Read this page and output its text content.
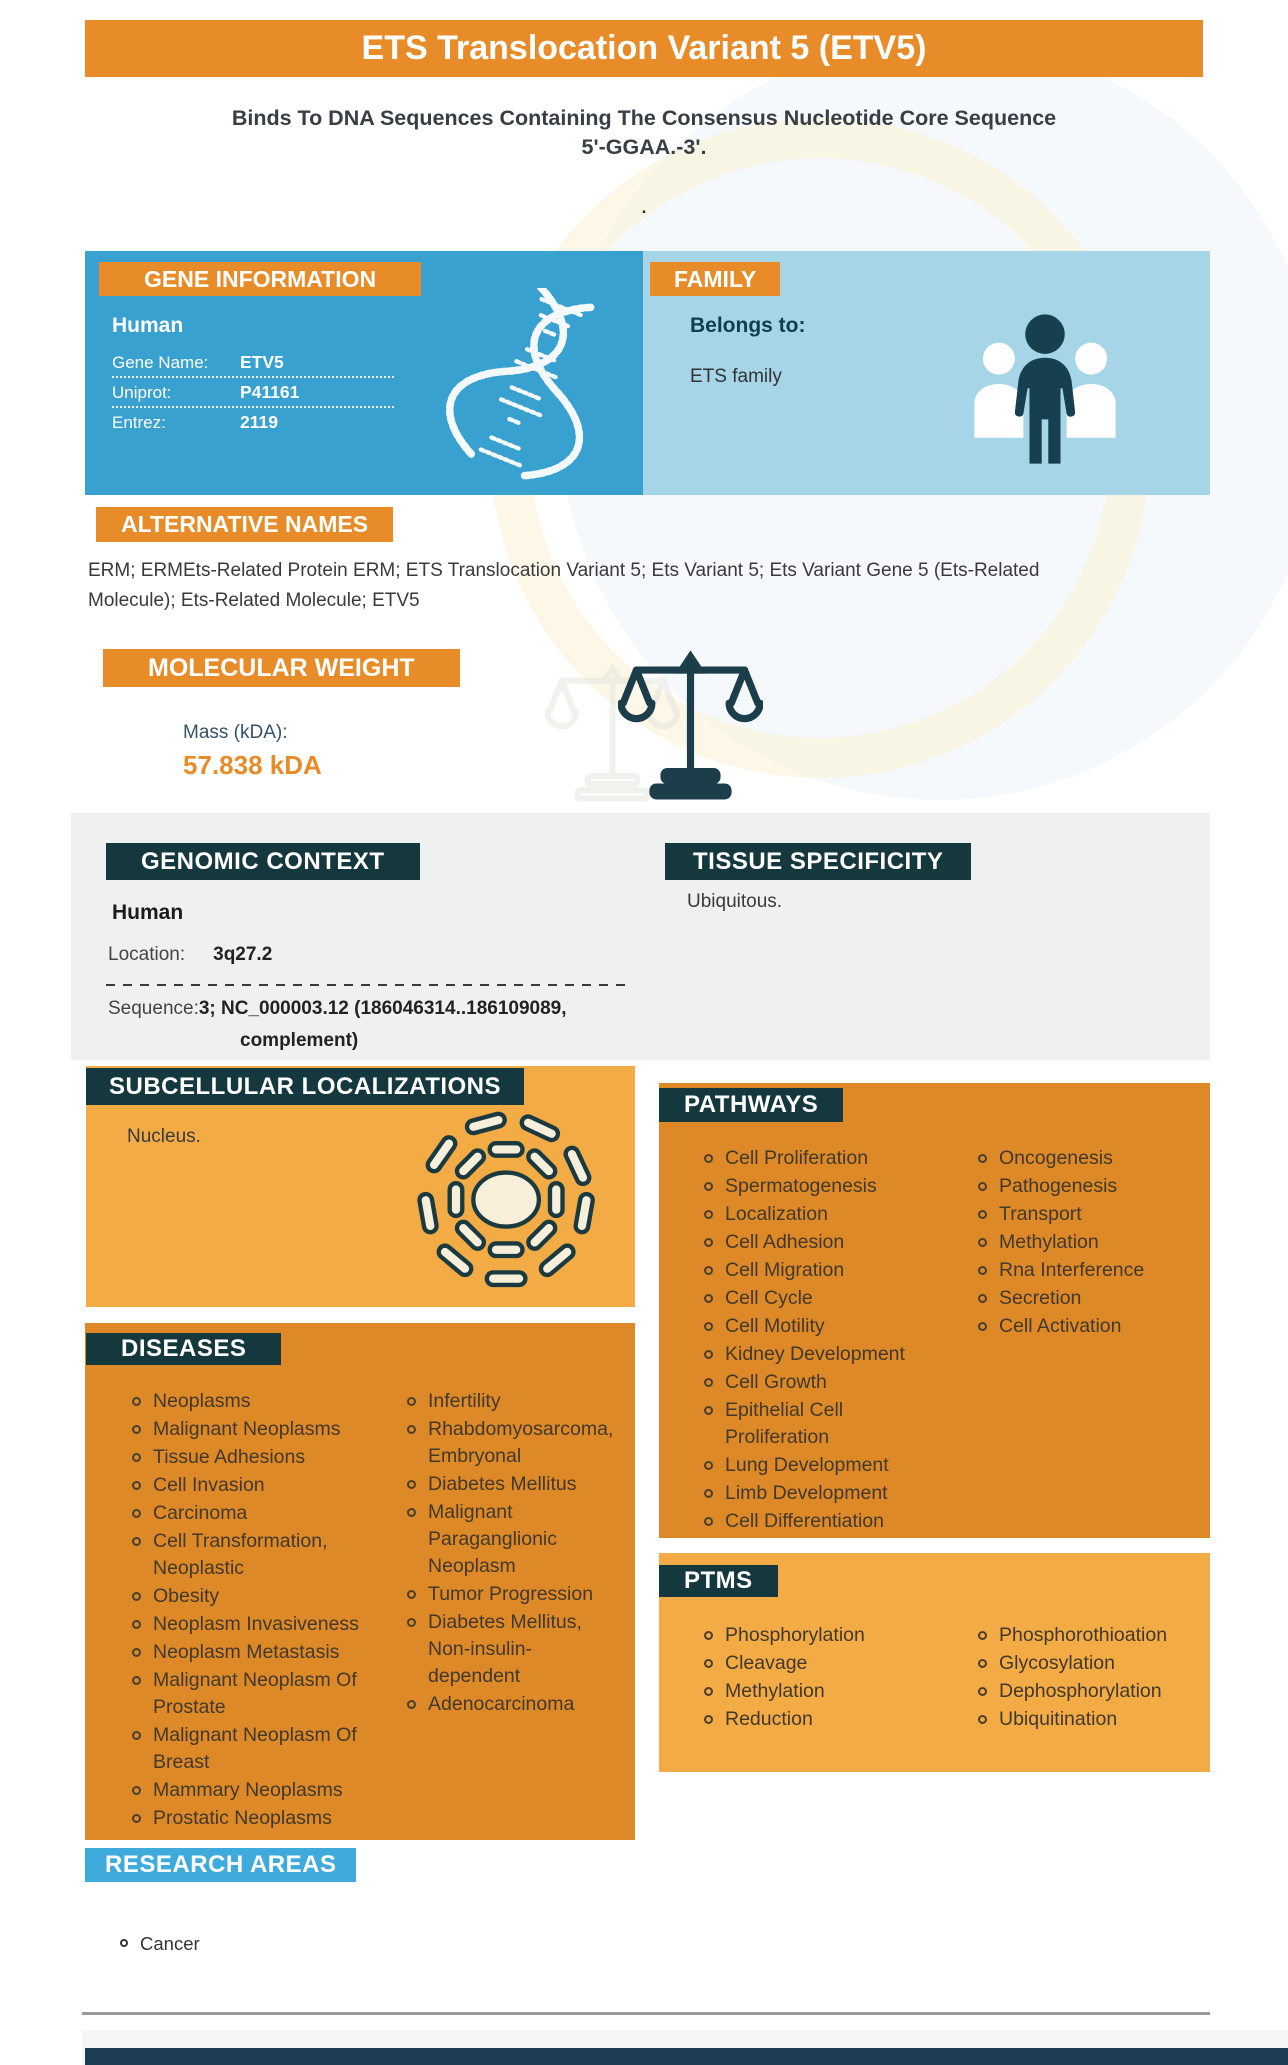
ETS Translocation Variant 5 (ETV5)
Binds To DNA Sequences Containing The Consensus Nucleotide Core Sequence
5'-GGAA.-3'.
.
GENE INFORMATION
Human
Gene Name: ETV5
Uniprot:	P41161
Entrez:	2119
FAMILY
Belongs to:
ETS family
ALTERNATIVE NAMES
ERM; ERMEts-Related Protein ERM; ETS Translocation Variant 5; Ets Variant 5; Ets Variant Gene 5 (Ets-Related Molecule); Ets-Related Molecule; ETV5
MOLECULAR WEIGHT
Mass (kDA):
57.838 kDA
GENOMIC CONTEXT
Human
Location: 3q27.2
Sequence:3; NC_000003.12 (186046314..186109089,
complement)
TISSUE SPECIFICITY
Ubiquitous.
SUBCELLULAR LOCALIZATIONS
Nucleus.
PATHWAYS
Cell Proliferation
Spermatogenesis
Localization
Cell Adhesion
Cell Migration
Cell Cycle
Cell Motility
Kidney Development
Cell Growth
Epithelial Cell Proliferation
Lung Development
Limb Development
Cell Differentiation
Oncogenesis
Pathogenesis
Transport
Methylation
Rna Interference
Secretion
Cell Activation
DISEASES
Neoplasms
Malignant Neoplasms
Tissue Adhesions
Cell Invasion
Carcinoma
Cell Transformation, Neoplastic
Obesity
Neoplasm Invasiveness
Neoplasm Metastasis
Malignant Neoplasm Of Prostate
Malignant Neoplasm Of Breast
Mammary Neoplasms
Prostatic Neoplasms
Infertility
Rhabdomyosarcoma, Embryonal
Diabetes Mellitus
Malignant Paraganglionic Neoplasm
Tumor Progression
Diabetes Mellitus, Non-insulin-dependent
Adenocarcinoma
PTMS
Phosphorylation
Cleavage
Methylation
Reduction
Phosphorothioation
Glycosylation
Dephosphorylation
Ubiquitination
RESEARCH AREAS
Cancer
